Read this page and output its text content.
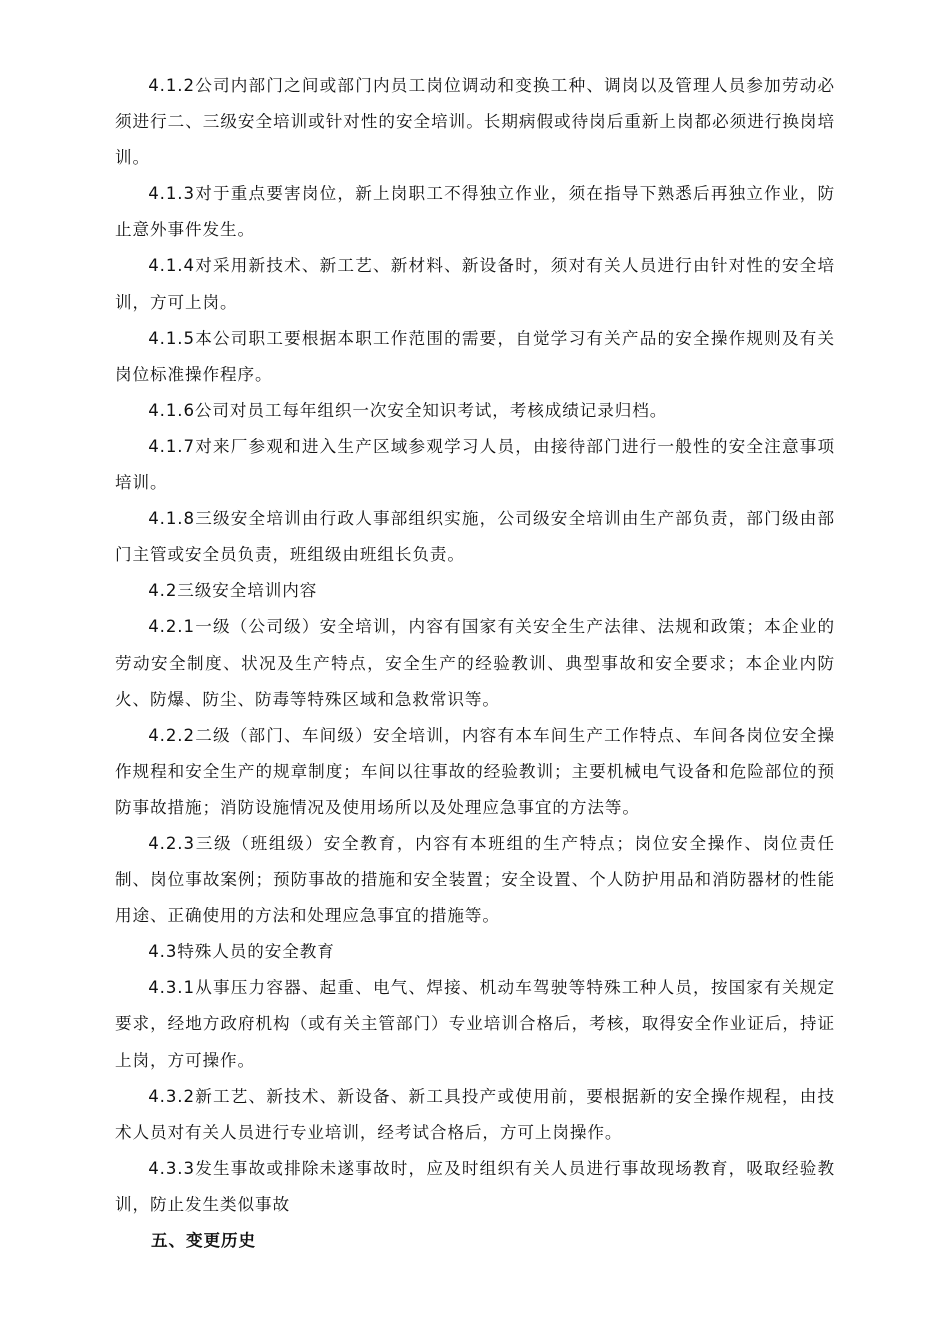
4.1.2公司内部门之间或部门内员工岗位调动和变换工种、调岗以及管理人员参加劳动必须进行二、三级安全培训或针对性的安全培训。长期病假或待岗后重新上岗都必须进行换岗培训。

4.1.3对于重点要害岗位，新上岗职工不得独立作业，须在指导下熟悉后再独立作业，防止意外事件发生。

4.1.4对采用新技术、新工艺、新材料、新设备时，须对有关人员进行由针对性的安全培训，方可上岗。

4.1.5本公司职工要根据本职工作范围的需要，自觉学习有关产品的安全操作规则及有关岗位标准操作程序。

4.1.6公司对员工每年组织一次安全知识考试，考核成绩记录归档。

4.1.7对来厂参观和进入生产区域参观学习人员，由接待部门进行一般性的安全注意事项培训。

4.1.8三级安全培训由行政人事部组织实施，公司级安全培训由生产部负责，部门级由部门主管或安全员负责，班组级由班组长负责。

4.2三级安全培训内容

4.2.1一级（公司级）安全培训，内容有国家有关安全生产法律、法规和政策；本企业的劳动安全制度、状况及生产特点，安全生产的经验教训、典型事故和安全要求；本企业内防火、防爆、防尘、防毒等特殊区域和急救常识等。

4.2.2二级（部门、车间级）安全培训，内容有本车间生产工作特点、车间各岗位安全操作规程和安全生产的规章制度；车间以往事故的经验教训；主要机械电气设备和危险部位的预防事故措施；消防设施情况及使用场所以及处理应急事宜的方法等。

4.2.3三级（班组级）安全教育，内容有本班组的生产特点；岗位安全操作、岗位责任制、岗位事故案例；预防事故的措施和安全装置；安全设置、个人防护用品和消防器材的性能用途、正确使用的方法和处理应急事宜的措施等。

4.3特殊人员的安全教育

4.3.1从事压力容器、起重、电气、焊接、机动车驾驶等特殊工种人员，按国家有关规定要求，经地方政府机构（或有关主管部门）专业培训合格后，考核，取得安全作业证后，持证上岗，方可操作。

4.3.2新工艺、新技术、新设备、新工具投产或使用前，要根据新的安全操作规程，由技术人员对有关人员进行专业培训，经考试合格后，方可上岗操作。

4.3.3发生事故或排除未遂事故时，应及时组织有关人员进行事故现场教育，吸取经验教训，防止发生类似事故

五、变更历史
